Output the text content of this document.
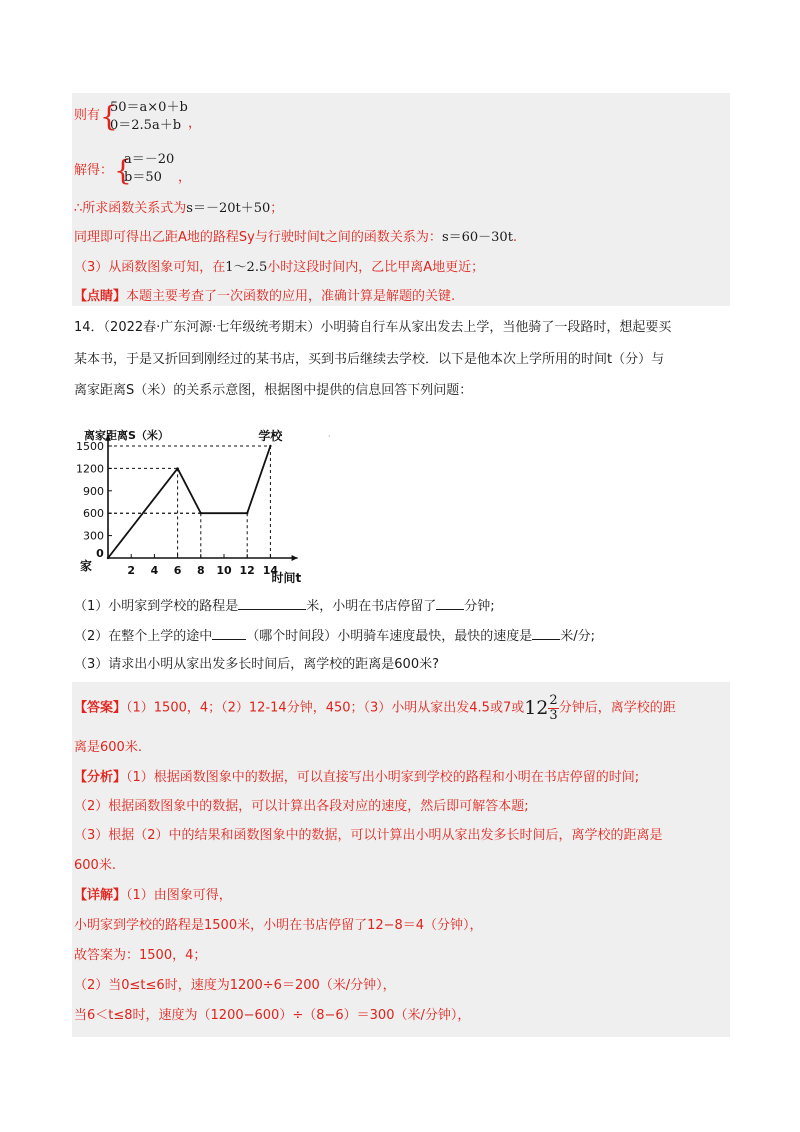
则有 {
50＝a×0＋b
0＝2.5a＋b ，
解得： {
a＝－20
b＝50	，
∴所求函数关系式为s＝－20t＋50；
同理即可得出乙距A地的路程Sy与行驶时间t之间的函数关系为：s＝60－30t.
（3）从函数图象可知，在1～2.5小时这段时间内，乙比甲离A地更近；
【点睛】本题主要考查了一次函数的应用，准确计算是解题的关键.
14．（2022春·广东河源·七年级统考期末）小明骑自行车从家出发去上学，当他骑了一段路时，想起要买
某本书，于是又折回到刚经过的某书店，买到书后继续去学校．以下是他本次上学所用的时间t（分）与
离家距离S（米）的关系示意图，根据图中提供的信息回答下列问题：
300
600
900
1200
1500
2 4 6 8 10 12 14
0
家
离家距离S（米）
时间t
学校	·
（1）小明家到学校的路程是	米，小明在书店停留了 分钟;
（2）在整个上学的途中	（哪个时间段）小明骑车速度最快，最快的速度是 米/分;
（3）请求出小明从家出发多长时间后，离学校的距离是600米?
【答案】（1）1500，4；（2）12-14分钟，450；（3）小明从家出发4.5或7或$12 \frac{2}{3}$ 分钟后，离学校的距
离是600米.
【分析】（1）根据函数图象中的数据，可以直接写出小明家到学校的路程和小明在书店停留的时间;
（2）根据函数图象中的数据，可以计算出各段对应的速度，然后即可解答本题;
（3）根据（2）中的结果和函数图象中的数据，可以计算出小明从家出发多长时间后，离学校的距离是
600米.
【详解】（1）由图象可得，
小明家到学校的路程是1500米，小明在书店停留了12−8＝4（分钟），
故答案为：1500，4；
（2）当0≤t≤6时，速度为1200÷6＝200（米/分钟），
当6＜t≤8时，速度为（1200−600）÷（8−6）＝300（米/分钟），
